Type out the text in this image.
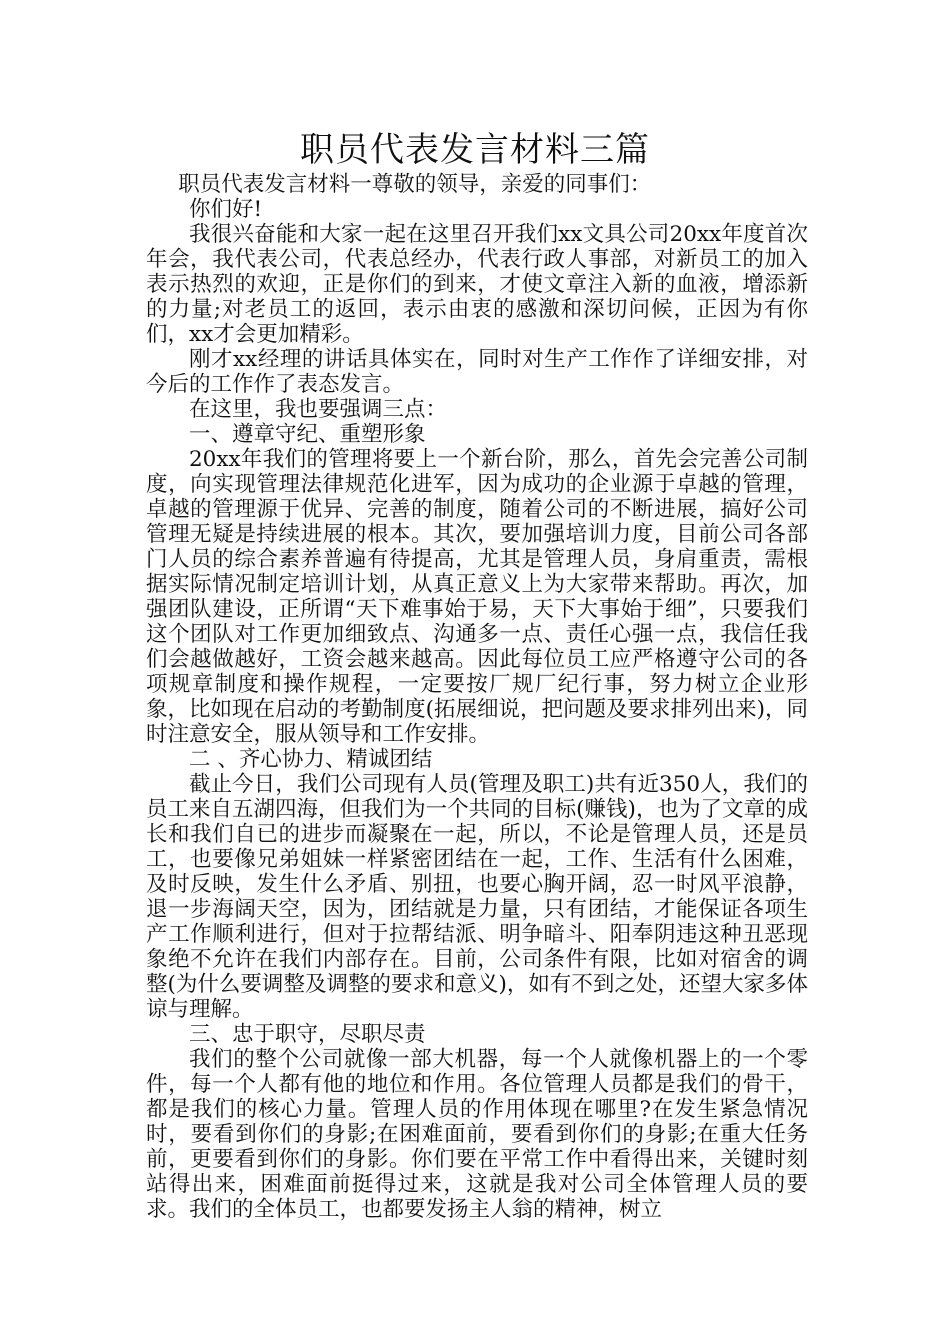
职员代表发言材料三篇

职员代表发言材料一尊敬的领导，亲爱的同事们：

你们好!

我很兴奋能和大家一起在这里召开我们xx文具公司20xx年度首次年会，我代表公司，代表总经办，代表行政人事部，对新员工的加入表示热烈的欢迎，正是你们的到来，才使文章注入新的血液，增添新的力量;对老员工的返回，表示由衷的感激和深切问候，正因为有你们，xx才会更加精彩。

刚才xx经理的讲话具体实在，同时对生产工作作了详细安排，对今后的工作作了表态发言。

在这里，我也要强调三点：

一、遵章守纪、重塑形象

20xx年我们的管理将要上一个新台阶，那么，首先会完善公司制度，向实现管理法律规范化进军，因为成功的企业源于卓越的管理，卓越的管理源于优异、完善的制度，随着公司的不断进展，搞好公司管理无疑是持续进展的根本。其次，要加强培训力度，目前公司各部门人员的综合素养普遍有待提高，尤其是管理人员，身肩重责，需根据实际情况制定培训计划，从真正意义上为大家带来帮助。再次，加强团队建设，正所谓“天下难事始于易，天下大事始于细”，只要我们这个团队对工作更加细致点、沟通多一点、责任心强一点，我信任我们会越做越好，工资会越来越高。因此每位员工应严格遵守公司的各项规章制度和操作规程，一定要按厂规厂纪行事，努力树立企业形象，比如现在启动的考勤制度(拓展细说，把问题及要求排列出来)，同时注意安全，服从领导和工作安排。

二 、齐心协力、精诚团结

截止今日，我们公司现有人员(管理及职工)共有近350人，我们的员工来自五湖四海，但我们为一个共同的目标(赚钱)，也为了文章的成长和我们自已的进步而凝聚在一起，所以，不论是管理人员，还是员工，也要像兄弟姐妹一样紧密团结在一起，工作、生活有什么困难，及时反映，发生什么矛盾、别扭，也要心胸开阔，忍一时风平浪静，退一步海阔天空，因为，团结就是力量，只有团结，才能保证各项生产工作顺利进行，但对于拉帮结派、明争暗斗、阳奉阴违这种丑恶现象绝不允许在我们内部存在。目前，公司条件有限，比如对宿舍的调整(为什么要调整及调整的要求和意义)，如有不到之处，还望大家多体谅与理解。

三、忠于职守，尽职尽责

我们的整个公司就像一部大机器，每一个人就像机器上的一个零件，每一个人都有他的地位和作用。各位管理人员都是我们的骨干，都是我们的核心力量。管理人员的作用体现在哪里?在发生紧急情况时，要看到你们的身影;在困难面前，要看到你们的身影;在重大任务前，更要看到你们的身影。你们要在平常工作中看得出来，关键时刻站得出来，困难面前挺得过来，这就是我对公司全体管理人员的要求。我们的全体员工，也都要发扬主人翁的精神，树立
